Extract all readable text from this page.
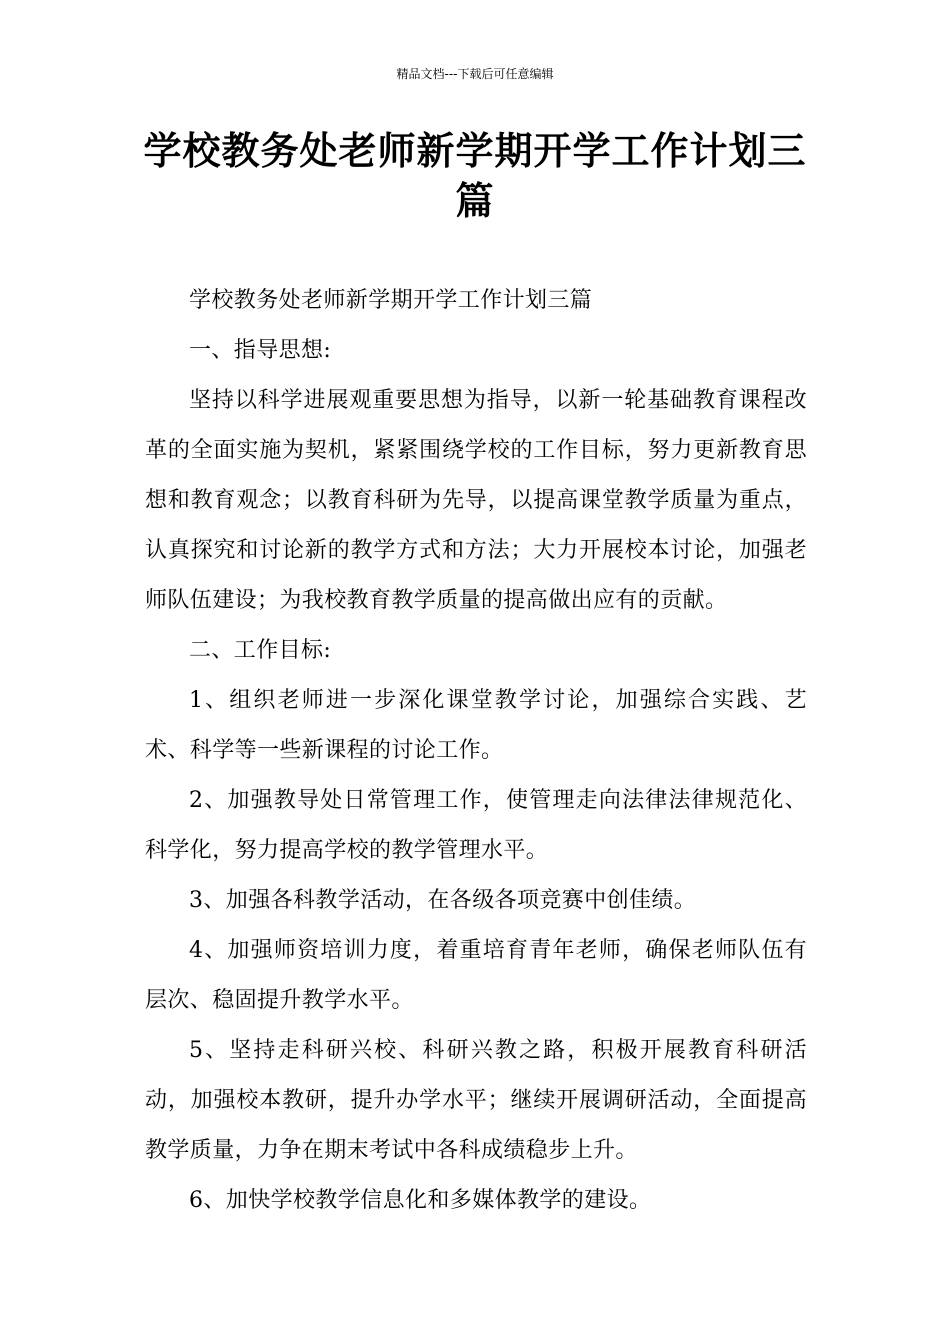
精品文档---下载后可任意编辑
学校教务处老师新学期开学工作计划三篇

学校教务处老师新学期开学工作计划三篇

一、指导思想:

坚持以科学进展观重要思想为指导，以新一轮基础教育课程改革的全面实施为契机，紧紧围绕学校的工作目标，努力更新教育思想和教育观念；以教育科研为先导，以提高课堂教学质量为重点，认真探究和讨论新的教学方式和方法；大力开展校本讨论，加强老师队伍建设；为我校教育教学质量的提高做出应有的贡献。

二、工作目标:

1、组织老师进一步深化课堂教学讨论，加强综合实践、艺术、科学等一些新课程的讨论工作。

2、加强教导处日常管理工作，使管理走向法律法律规范化、科学化，努力提高学校的教学管理水平。

3、加强各科教学活动，在各级各项竞赛中创佳绩。

4、加强师资培训力度，着重培育青年老师，确保老师队伍有层次、稳固提升教学水平。

5、坚持走科研兴校、科研兴教之路，积极开展教育科研活动，加强校本教研，提升办学水平；继续开展调研活动，全面提高教学质量，力争在期末考试中各科成绩稳步上升。

6、加快学校教学信息化和多媒体教学的建设。
